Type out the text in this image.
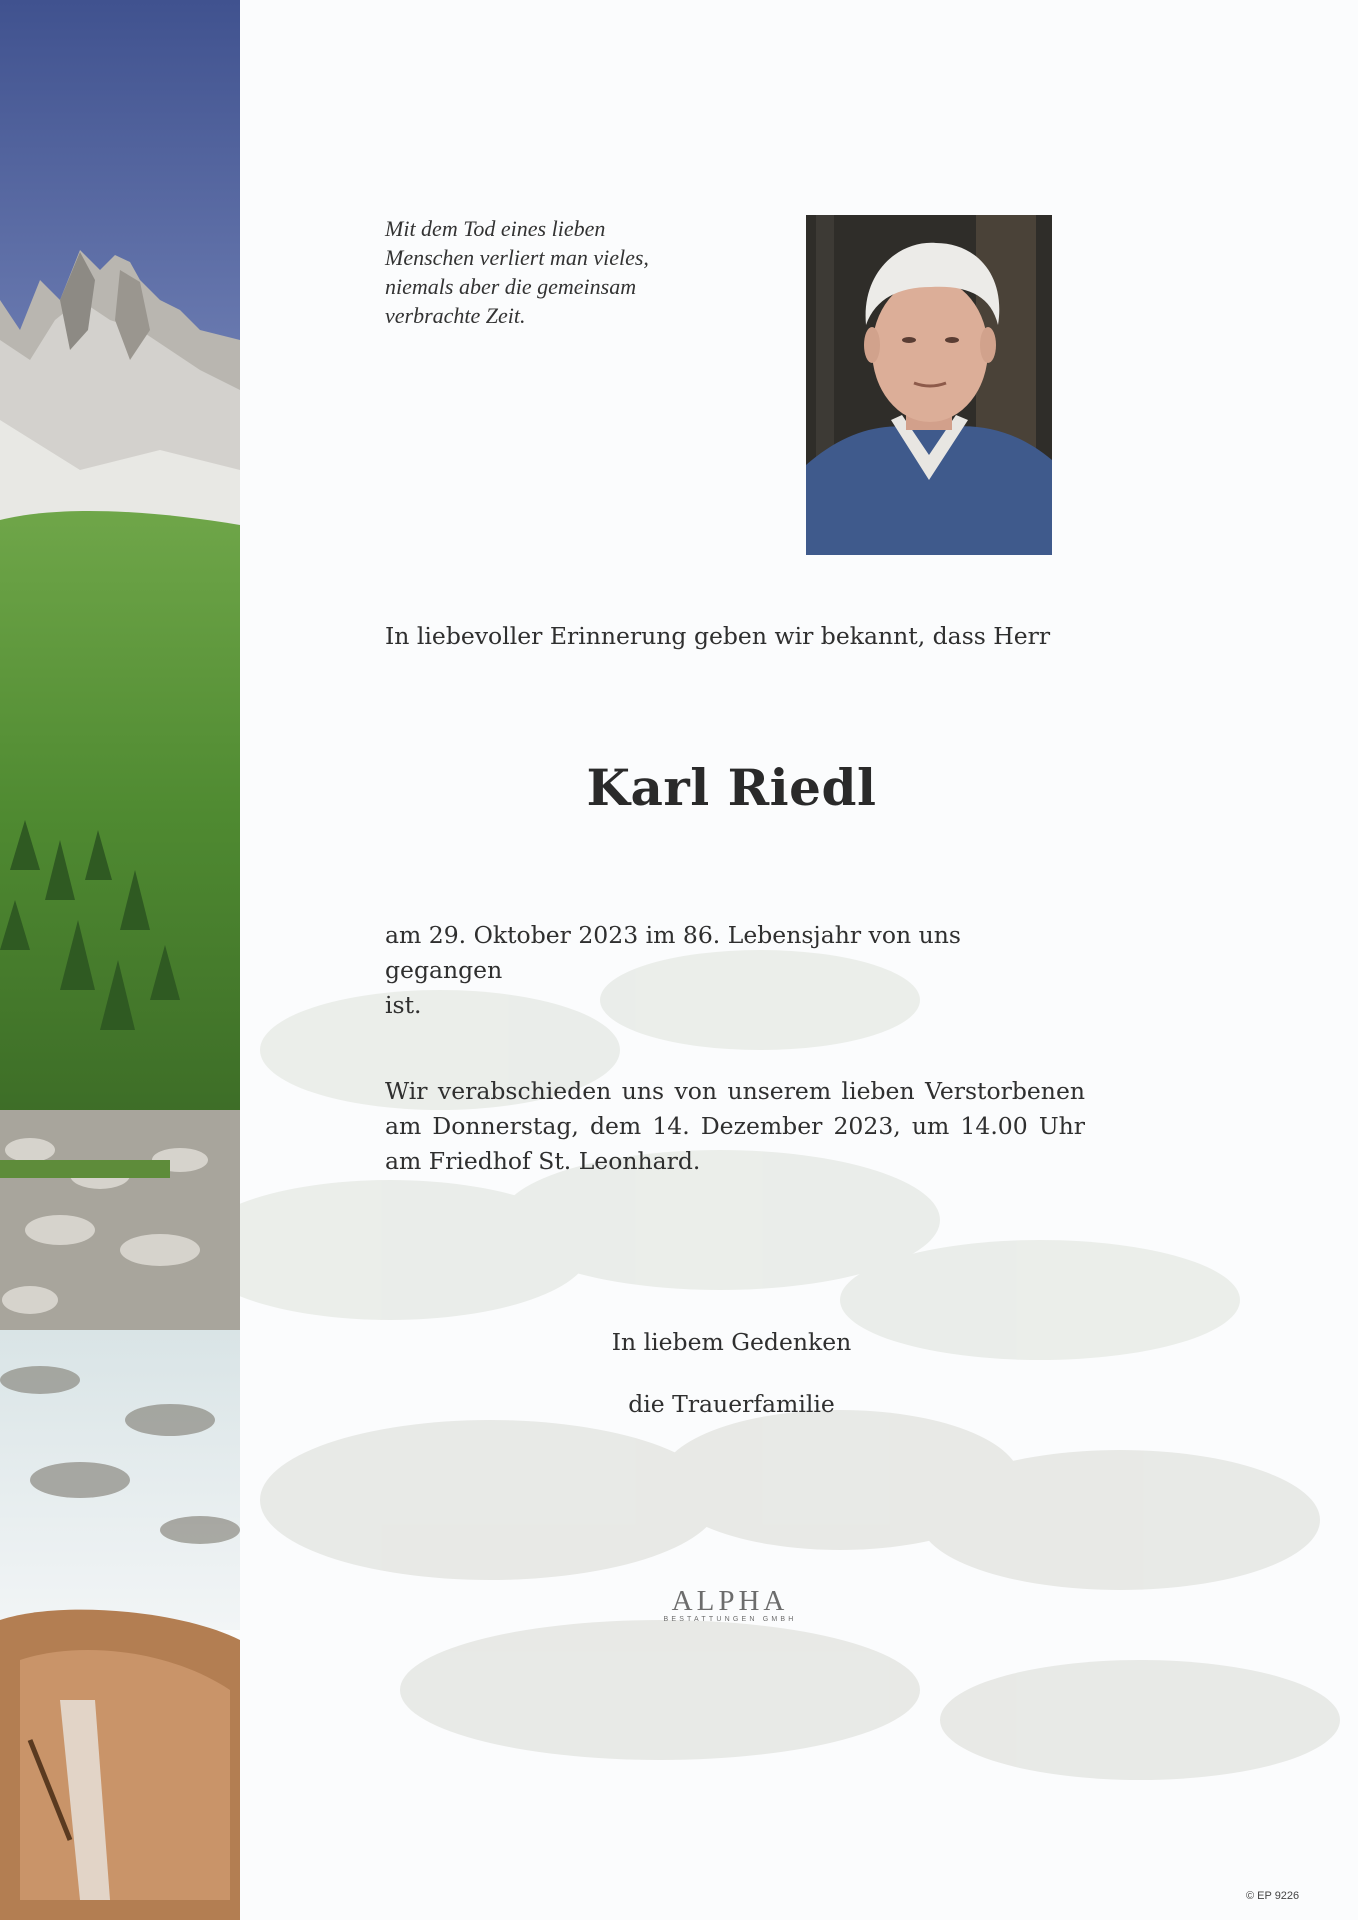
Mit dem Tod eines lieben
Menschen verliert man vieles,
niemals aber die gemeinsam
verbrachte Zeit.
In liebevoller Erinnerung geben wir bekannt, dass Herr
Karl Riedl
am 29. Oktober 2023 im 86. Lebensjahr von uns gegangen
ist.
Wir verabschieden uns von unserem lieben Verstorbenen
am Donnerstag, dem 14. Dezember 2023, um 14.00 Uhr
am Friedhof St. Leonhard.
In liebem Gedenken
die Trauerfamilie
ALPHA
BESTATTUNGEN GMBH
© EP 9226
